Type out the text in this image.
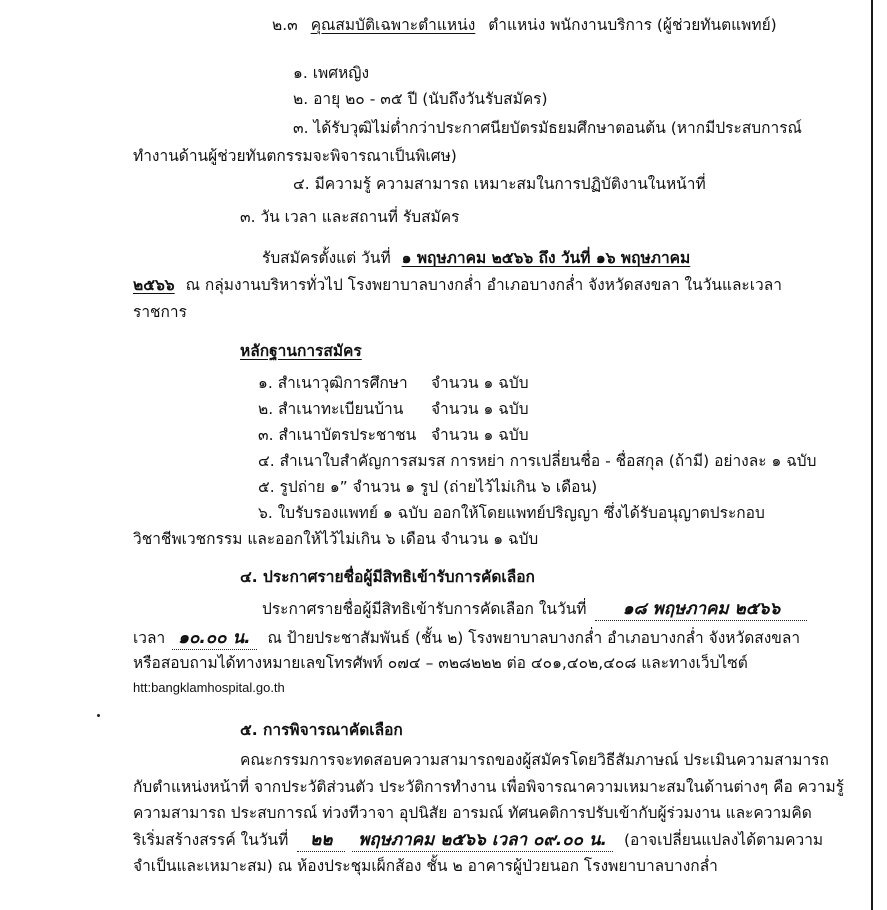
๒.๓ คุณสมบัติเฉพาะตำแหน่ง ตำแหน่ง พนักงานบริการ (ผู้ช่วยทันตแพทย์)
๑. เพศหญิง
๒. อายุ ๒๐ - ๓๕ ปี (นับถึงวันรับสมัคร)
๓. ได้รับวุฒิไม่ต่ำกว่าประกาศนียบัตรมัธยมศึกษาตอนต้น (หากมีประสบการณ์
ทำงานด้านผู้ช่วยทันตกรรมจะพิจารณาเป็นพิเศษ)
๔. มีความรู้ ความสามารถ เหมาะสมในการปฏิบัติงานในหน้าที่
๓. วัน เวลา และสถานที่ รับสมัคร
รับสมัครตั้งแต่ วันที่ ๑ พฤษภาคม ๒๕๖๖ ถึง วันที่ ๑๖ พฤษภาคม
๒๕๖๖ ณ กลุ่มงานบริหารทั่วไป โรงพยาบาลบางกล่ำ อำเภอบางกล่ำ จังหวัดสงขลา ในวันและเวลา
ราชการ
หลักฐานการสมัคร
๑. สำเนาวุฒิการศึกษา จำนวน ๑ ฉบับ
๒. สำเนาทะเบียนบ้าน จำนวน ๑ ฉบับ
๓. สำเนาบัตรประชาชน จำนวน ๑ ฉบับ
๔. สำเนาใบสำคัญการสมรส การหย่า การเปลี่ยนชื่อ - ชื่อสกุล (ถ้ามี) อย่างละ ๑ ฉบับ
๕. รูปถ่าย ๑” จำนวน ๑ รูป (ถ่ายไว้ไม่เกิน ๖ เดือน)
๖. ใบรับรองแพทย์ ๑ ฉบับ ออกให้โดยแพทย์ปริญญา ซึ่งได้รับอนุญาตประกอบ
วิชาชีพเวชกรรม และออกให้ไว้ไม่เกิน ๖ เดือน จำนวน ๑ ฉบับ
๔. ประกาศรายชื่อผู้มีสิทธิเข้ารับการคัดเลือก
ประกาศรายชื่อผู้มีสิทธิเข้ารับการคัดเลือก ในวันที่ ๑๘ พฤษภาคม ๒๕๖๖
เวลา ๑๐.๐๐ น. ณ ป้ายประชาสัมพันธ์ (ชั้น ๒) โรงพยาบาลบางกล่ำ อำเภอบางกล่ำ จังหวัดสงขลา
หรือสอบถามได้ทางหมายเลขโทรศัพท์ ๐๗๔ – ๓๒๘๒๒๒ ต่อ ๔๐๑,๔๐๒,๔๐๘ และทางเว็บไซต์
htt:bangklamhospital.go.th
๕. การพิจารณาคัดเลือก
คณะกรรมการจะทดสอบความสามารถของผู้สมัครโดยวิธีสัมภาษณ์ ประเมินความสามารถ
กับตำแหน่งหน้าที่ จากประวัติส่วนตัว ประวัติการทำงาน เพื่อพิจารณาความเหมาะสมในด้านต่างๆ คือ ความรู้
ความสามารถ ประสบการณ์ ท่วงทีวาจา อุปนิสัย อารมณ์ ทัศนคติการปรับเข้ากับผู้ร่วมงาน และความคิด
ริเริ่มสร้างสรรค์ ในวันที่ ๒๒ พฤษภาคม ๒๕๖๖ เวลา ๐๙.๐๐ น. (อาจเปลี่ยนแปลงได้ตามความ
จำเป็นและเหมาะสม) ณ ห้องประชุมเผ็กส้อง ชั้น ๒ อาคารผู้ป่วยนอก โรงพยาบาลบางกล่ำ
